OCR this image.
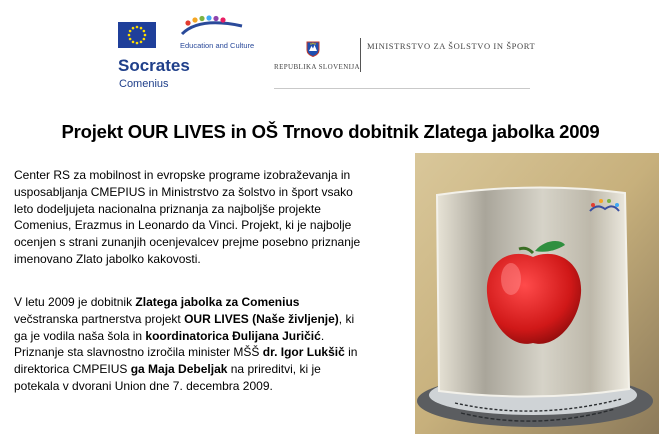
Education and Culture
Socrates
Comenius
REPUBLIKA SLOVENIJA
MINISTRSTVO ZA ŠOLSTVO IN ŠPORT
Projekt OUR LIVES in OŠ Trnovo dobitnik Zlatega jabolka 2009
Center RS za mobilnost in evropske programe izobraževanja in
usposabljanja CMEPIUS in Ministrstvo za šolstvo in šport vsako
leto dodeljujeta nacionalna priznanja za najboljše projekte
Comenius, Erazmus in Leonardo da Vinci. Projekt, ki je najbolje
ocenjen s strani zunanjih ocenjevalcev prejme posebno priznanje
imenovano Zlato jabolko kakovosti.
V letu 2009 je dobitnik Zlatega jabolka za Comenius
večstranska partnerstva projekt OUR LIVES (Naše življenje), ki
ga je vodila naša šola in koordinatorica Đulijana Juričić.
Priznanje sta slavnostno izročila minister MŠŠ dr. Igor Lukšič in
direktorica CMPEIUS ga Maja Debeljak na prireditvi, ki je
potekala v dvorani Union dne 7. decembra 2009.
